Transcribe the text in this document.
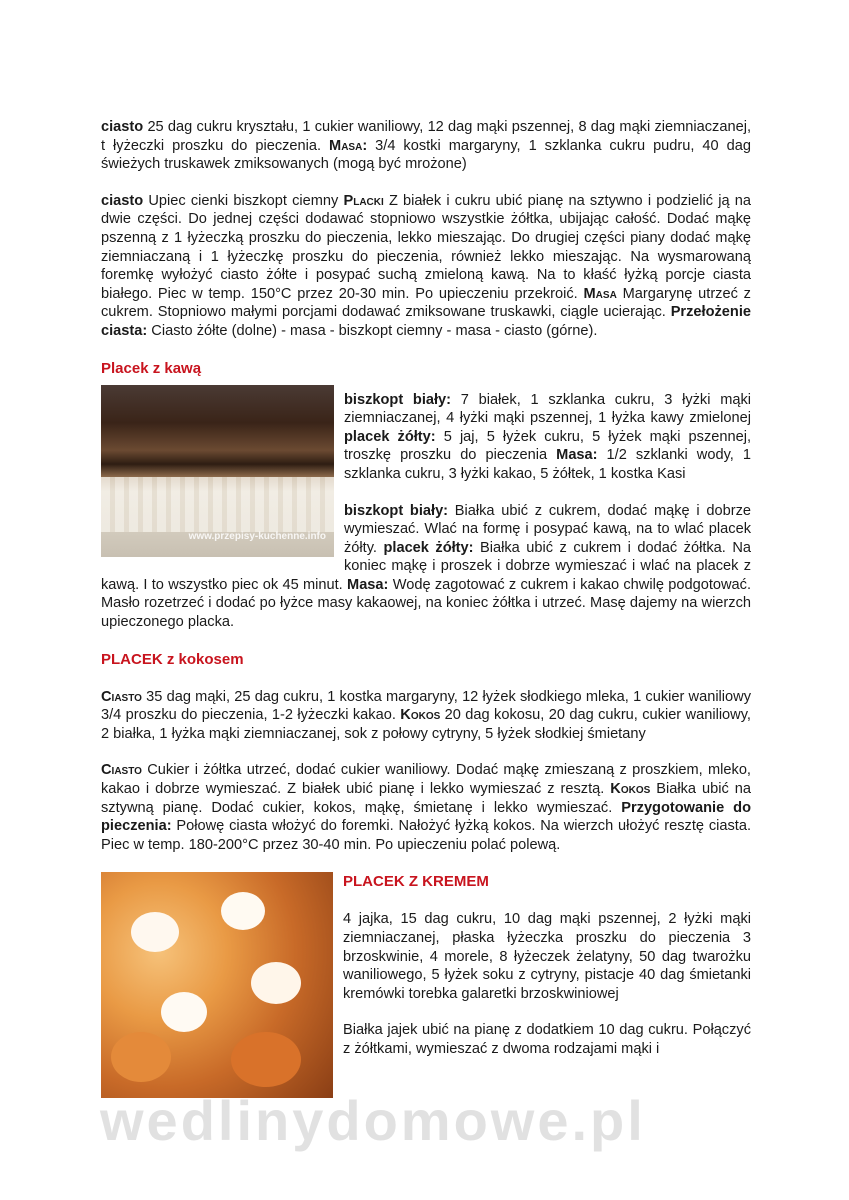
ciasto 25 dag cukru kryształu, 1 cukier waniliowy, 12 dag mąki pszennej, 8 dag mąki ziemniaczanej, t łyżeczki proszku do pieczenia. Masa: 3/4 kostki margaryny, 1 szklanka cukru pudru, 40 dag świeżych truskawek zmiksowanych (mogą być mrożone)

ciasto Upiec cienki biszkopt ciemny Placki Z białek i cukru ubić pianę na sztywno i podzielić ją na dwie części. Do jednej części dodawać stopniowo wszystkie żółtka, ubijając całość. Dodać mąkę pszenną z 1 łyżeczką proszku do pieczenia, lekko mieszając. Do drugiej części piany dodać mąkę ziemniaczaną i 1 łyżeczkę proszku do pieczenia, również lekko mieszając. Na wysmarowaną foremkę wyłożyć ciasto żółte i posypać suchą zmieloną kawą. Na to kłaść łyżką porcje ciasta białego. Piec w temp. 150°C przez 20-30 min. Po upieczeniu przekroić. Masa Margarynę utrzeć z cukrem. Stopniowo małymi porcjami dodawać zmiksowane truskawki, ciągle ucierając. Przełożenie ciasta: Ciasto żółte (dolne) - masa - biszkopt ciemny - masa - ciasto (górne).

Placek z kawą
www.przepisy-kuchenne.info

biszkopt biały: 7 białek, 1 szklanka cukru, 3 łyżki mąki ziemniaczanej, 4 łyżki mąki pszennej, 1 łyżka kawy zmielonej placek żółty: 5 jaj, 5 łyżek cukru, 5 łyżek mąki pszennej, troszkę proszku do pieczenia Masa: 1/2 szklanki wody, 1 szklanka cukru, 3 łyżki kakao, 5 żółtek, 1 kostka Kasi

biszkopt biały: Białka ubić z cukrem, dodać mąkę i dobrze wymieszać. Wlać na formę i posypać kawą, na to wlać placek żółty. placek żółty: Białka ubić z cukrem i dodać żółtka. Na koniec mąkę i proszek i dobrze wymieszać i wlać na placek z kawą. I to wszystko piec ok 45 minut. Masa: Wodę zagotować z cukrem i kakao chwilę podgotować. Masło rozetrzeć i dodać po łyżce masy kakaowej, na koniec żółtka i utrzeć. Masę dajemy na wierzch upieczonego placka.

PLACEK z kokosem

Ciasto 35 dag mąki, 25 dag cukru, 1 kostka margaryny, 12 łyżek słodkiego mleka, 1 cukier waniliowy 3/4 proszku do pieczenia, 1-2 łyżeczki kakao. Kokos 20 dag kokosu, 20 dag cukru, cukier waniliowy, 2 białka, 1 łyżka mąki ziemniaczanej, sok z połowy cytryny, 5 łyżek słodkiej śmietany

Ciasto Cukier i żółtka utrzeć, dodać cukier waniliowy. Dodać mąkę zmieszaną z proszkiem, mleko, kakao i dobrze wymieszać. Z białek ubić pianę i lekko wymieszać z resztą. Kokos Białka ubić na sztywną pianę. Dodać cukier, kokos, mąkę, śmietanę i lekko wymieszać. Przygotowanie do pieczenia: Połowę ciasta włożyć do foremki. Nałożyć łyżką kokos. Na wierzch ułożyć resztę ciasta. Piec w temp. 180-200°C przez 30-40 min. Po upieczeniu polać polewą.

PLACEK Z KREMEM

4 jajka, 15 dag cukru, 10 dag mąki pszennej, 2 łyżki mąki ziemniaczanej, płaska łyżeczka proszku do pieczenia 3 brzoskwinie, 4 morele, 8 łyżeczek żelatyny, 50 dag twarożku waniliowego, 5 łyżek soku z cytryny, pistacje 40 dag śmietanki kremówki torebka galaretki brzoskwiniowej

Białka jajek ubić na pianę z dodatkiem 10 dag cukru. Połączyć z żółtkami, wymieszać z dwoma rodzajami mąki i

wedlinydomowe.pl
